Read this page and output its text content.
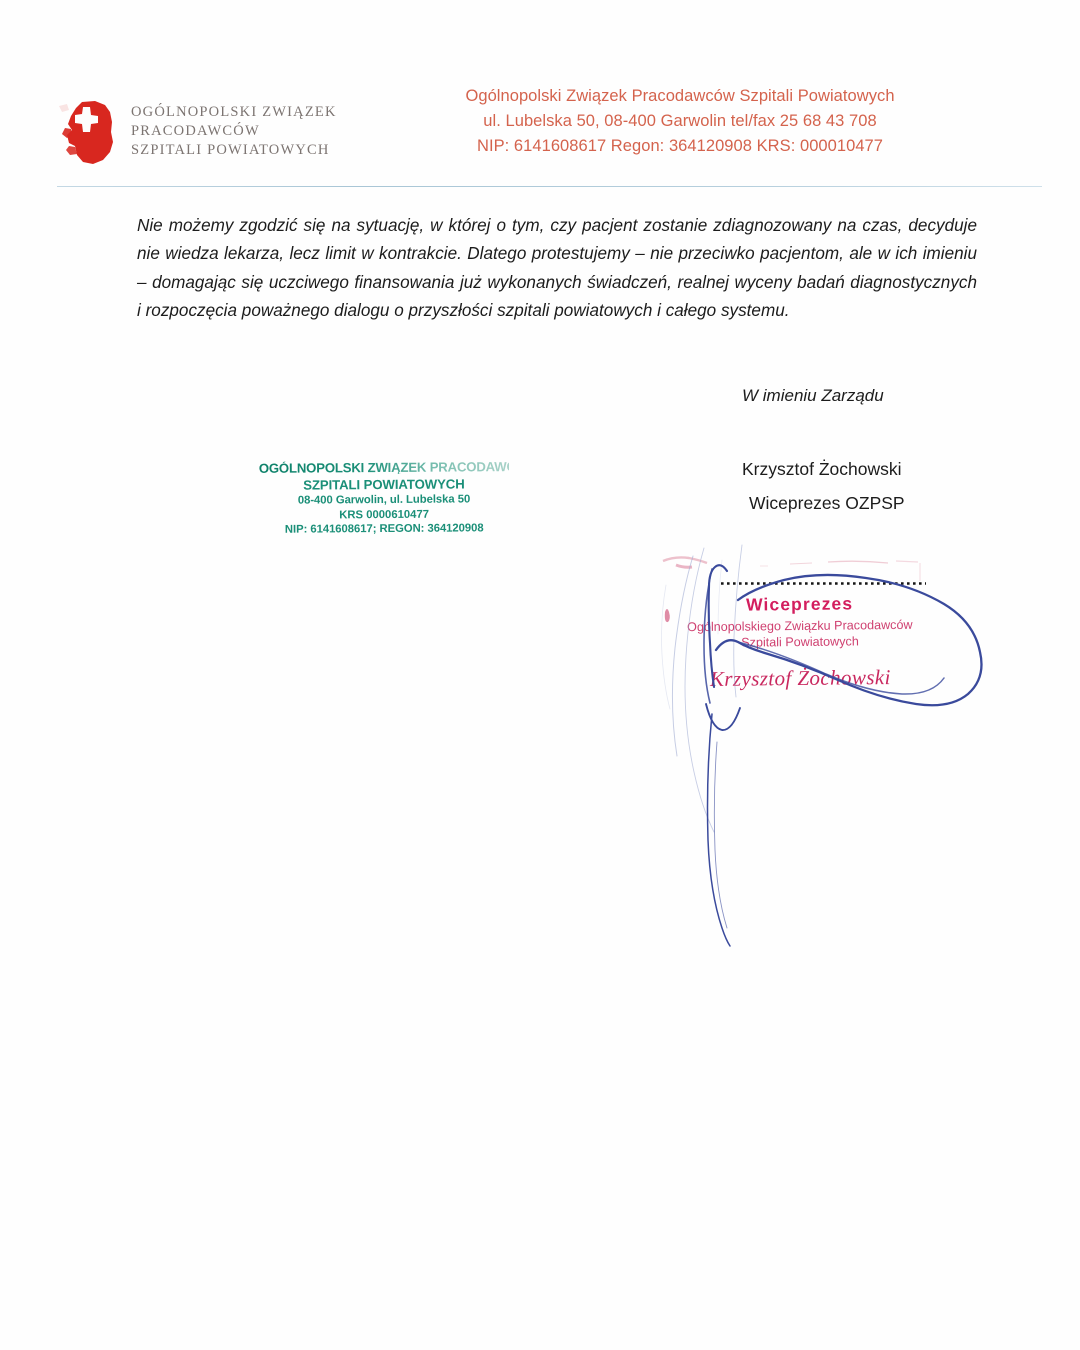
OGÓLNOPOLSKI ZWIĄZEK
PRACODAWCÓW
SZPITALI POWIATOWYCH
Ogólnopolski Związek Pracodawców Szpitali Powiatowych
ul. Lubelska 50, 08-400 Garwolin tel/fax 25 68 43 708
NIP: 6141608617 Regon: 364120908 KRS: 000010477
Nie możemy zgodzić się na sytuację, w której o tym, czy pacjent zostanie zdiagnozowany na czas, decyduje nie wiedza lekarza, lecz limit w kontrakcie. Dlatego protestujemy – nie przeciwko pacjentom, ale w ich imieniu – domagając się uczciwego finansowania już wykonanych świadczeń, realnej wyceny badań diagnostycznych i rozpoczęcia poważnego dialogu o przyszłości szpitali powiatowych i całego systemu.
W imieniu Zarządu
Krzysztof Żochowski
Wiceprezes OZPSP
OGÓLNOPOLSKI ZWIĄZEK PRACODAWCÓW
SZPITALI POWIATOWYCH
08-400 Garwolin, ul. Lubelska 50
KRS 0000610477
NIP: 6141608617; REGON: 364120908
Wiceprezes
Ogólnopolskiego Związku Pracodawców
Szpitali Powiatowych
Krzysztof Żochowski
